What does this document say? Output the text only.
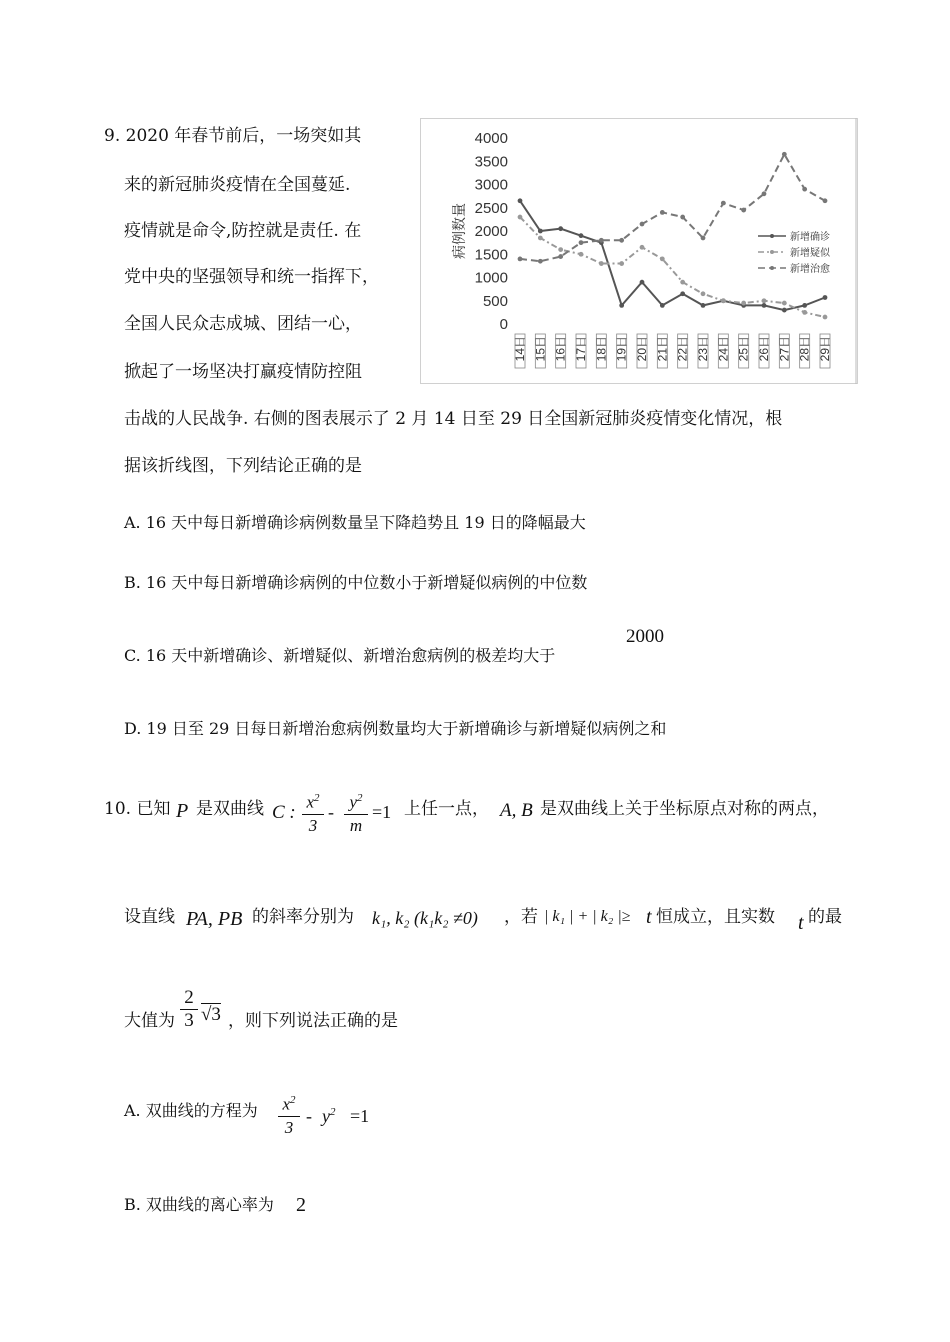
9. 2020 年春节前后，一场突如其
来的新冠肺炎疫情在全国蔓延.
疫情就是命令,防控就是责任. 在
党中央的坚强领导和统一指挥下，
全国人民众志成城、团结一心，
掀起了一场坚决打赢疫情防控阻
击战的人民战争. 右侧的图表展示了 2 月 14 日至 29 日全国新冠肺炎疫情变化情况，根
据该折线图，下列结论正确的是
A. 16 天中每日新增确诊病例数量呈下降趋势且 19 日的降幅最大
B. 16 天中每日新增确诊病例的中位数小于新增疑似病例的中位数
C. 16 天中新增确诊、新增疑似、新增治愈病例的极差均大于
2000
D. 19 日至 29 日每日新增治愈病例数量均大于新增确诊与新增疑似病例之和
4000
3500
3000
2500
2000
1500
1000
500
0
14日 15日 16日 17日 18日 19日 20日 21日 22日 23日 24日 25日 26日 27日 28日 29日
新增确诊
新增疑似
新增治愈
病例数量
10. 已知 P 是双曲线 C : $x^2$
3
- $y^2$
m
=1 上任一点， A, B 是双曲线上关于坐标原点对称的两点，
设直线 PA, PB 的斜率分别为 k₁, k₂ (k₁k₂ ≠0) ，若 | k₁ | + | k₂ |≥ t 恒成立，且实数 t 的最
大值为
2
3 √3 ，则下列说法正确的是
A. 双曲线的方程为 $x^2$
3
- $y^2 =1$
B. 双曲线的离心率为 2
